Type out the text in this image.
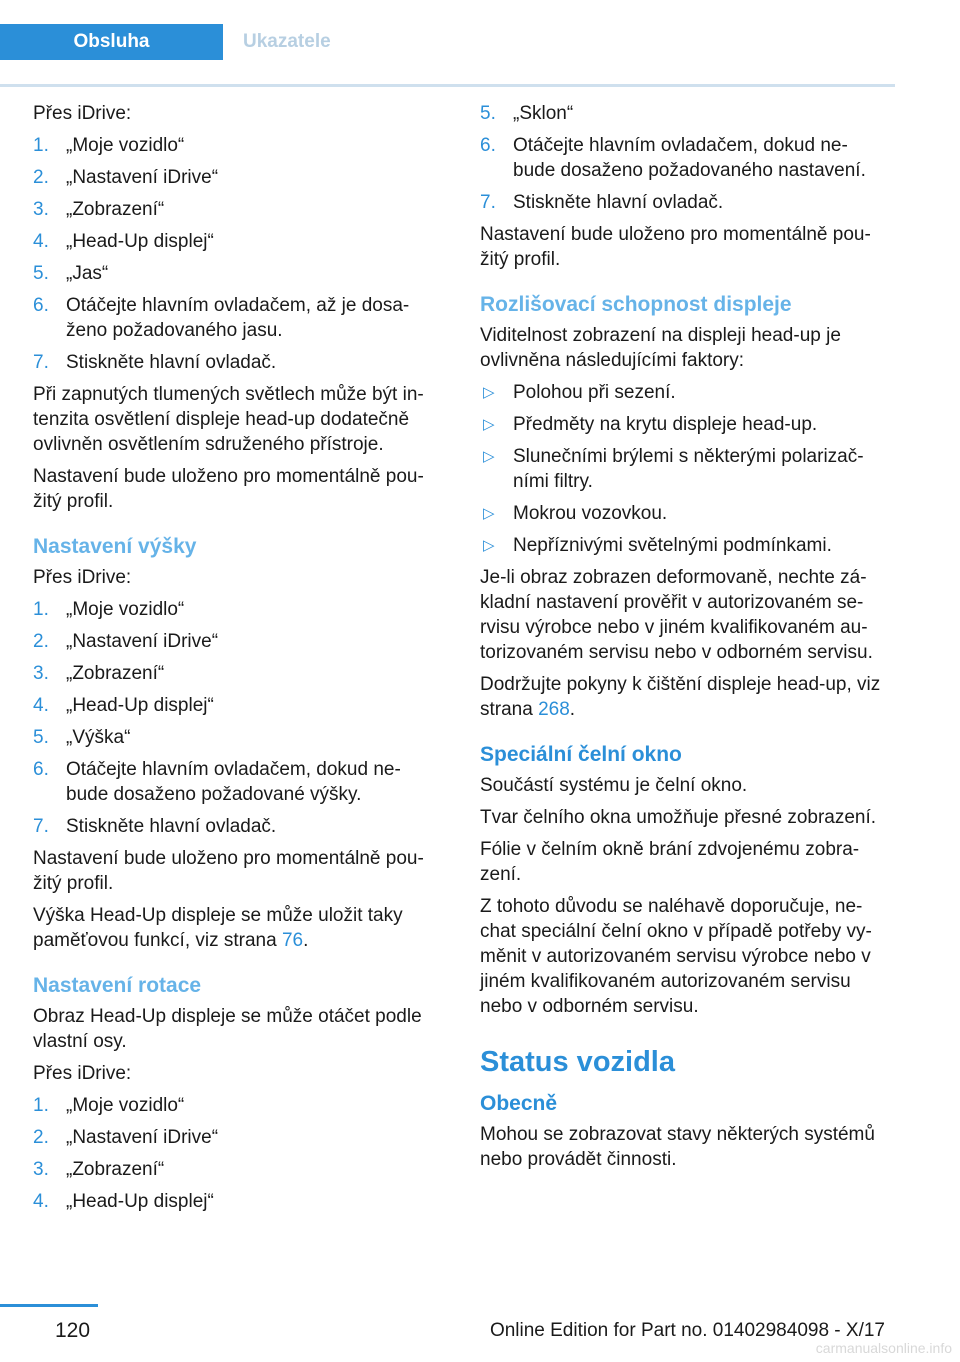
Obsluha	Ukazatele

Přes iDrive:

1. „Moje vozidlo“
2. „Nastavení iDrive“
3. „Zobrazení“
4. „Head-Up displej“
5. „Jas“
6. Otáčejte hlavním ovladačem, až je dosa‐ženo požadovaného jasu.
7. Stiskněte hlavní ovladač.

Při zapnutých tlumených světlech může být in‐tenzita osvětlení displeje head-up dodatečně ovlivněn osvětlením sdruženého přístroje.

Nastavení bude uloženo pro momentálně pou‐žitý profil.

Nastavení výšky

Přes iDrive:

1. „Moje vozidlo“
2. „Nastavení iDrive“
3. „Zobrazení“
4. „Head-Up displej“
5. „Výška“
6. Otáčejte hlavním ovladačem, dokud ne‐bude dosaženo požadované výšky.
7. Stiskněte hlavní ovladač.

Nastavení bude uloženo pro momentálně pou‐žitý profil.

Výška Head-Up displeje se může uložit taky paměťovou funkcí, viz strana 76.

Nastavení rotace

Obraz Head-Up displeje se může otáčet podle vlastní osy.

Přes iDrive:

1. „Moje vozidlo“
2. „Nastavení iDrive“
3. „Zobrazení“
4. „Head-Up displej“
5. „Sklon“
6. Otáčejte hlavním ovladačem, dokud ne‐bude dosaženo požadovaného nastavení.
7. Stiskněte hlavní ovladač.

Nastavení bude uloženo pro momentálně pou‐žitý profil.

Rozlišovací schopnost displeje

Viditelnost zobrazení na displeji head-up je ovlivněna následujícími faktory:

▷ Polohou při sezení.
▷ Předměty na krytu displeje head-up.
▷ Slunečními brýlemi s některými polarizač‐ními filtry.
▷ Mokrou vozovkou.
▷ Nepříznivými světelnými podmínkami.

Je-li obraz zobrazen deformovaně, nechte zá‐kladní nastavení prověřit v autorizovaném se‐rvisu výrobce nebo v jiném kvalifikovaném au‐torizovaném servisu nebo v odborném servisu.

Dodržujte pokyny k čištění displeje head-up, viz strana 268.

Speciální čelní okno

Součástí systému je čelní okno.

Tvar čelního okna umožňuje přesné zobrazení.

Fólie v čelním okně brání zdvojenému zobra‐zení.

Z tohoto důvodu se naléhavě doporučuje, ne‐chat speciální čelní okno v případě potřeby vy‐měnit v autorizovaném servisu výrobce nebo v jiném kvalifikovaném autorizovaném servisu nebo v odborném servisu.

Status vozidla
Obecně

Mohou se zobrazovat stavy některých systémů nebo provádět činnosti.

120	Online Edition for Part no. 01402984098 - X/17
carmanualsonline.info
